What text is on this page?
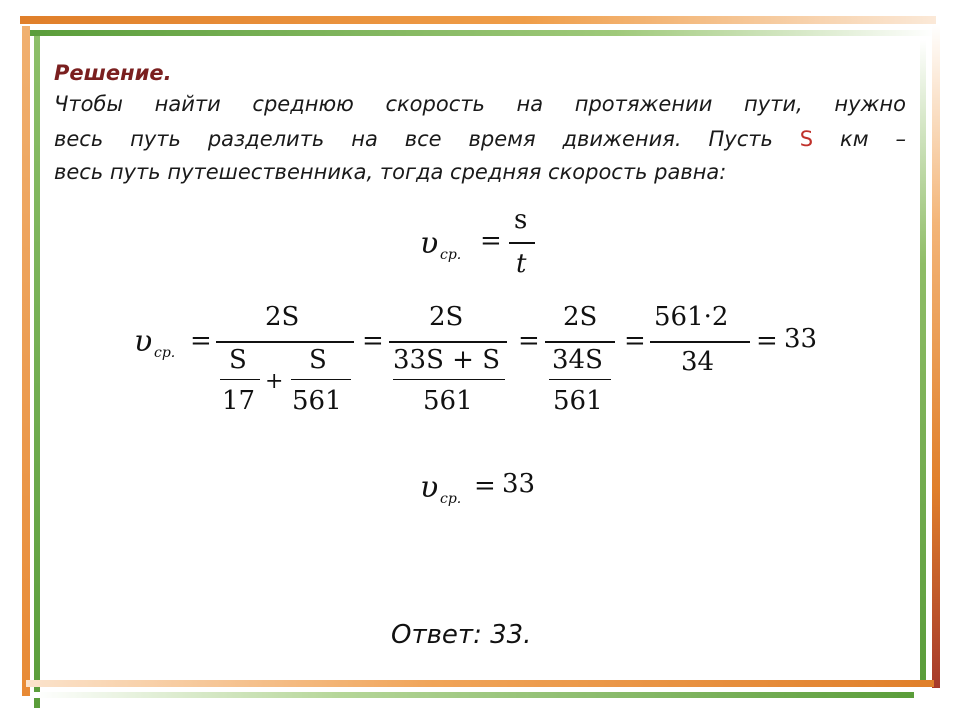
Решение.

Чтобы найти среднюю скорость на протяжении пути, нужно

весь путь разделить на все время движения. Пусть S км –

весь путь путешественника, тогда средняя скорость равна:

υ ср. =
s
t
υ ср. =
2S
S
17
+
S
561
=
2S
33S + S
561
=
2S
34S
561
=
561·2
34
= 33
υ ср. = 33
Ответ: 33.
